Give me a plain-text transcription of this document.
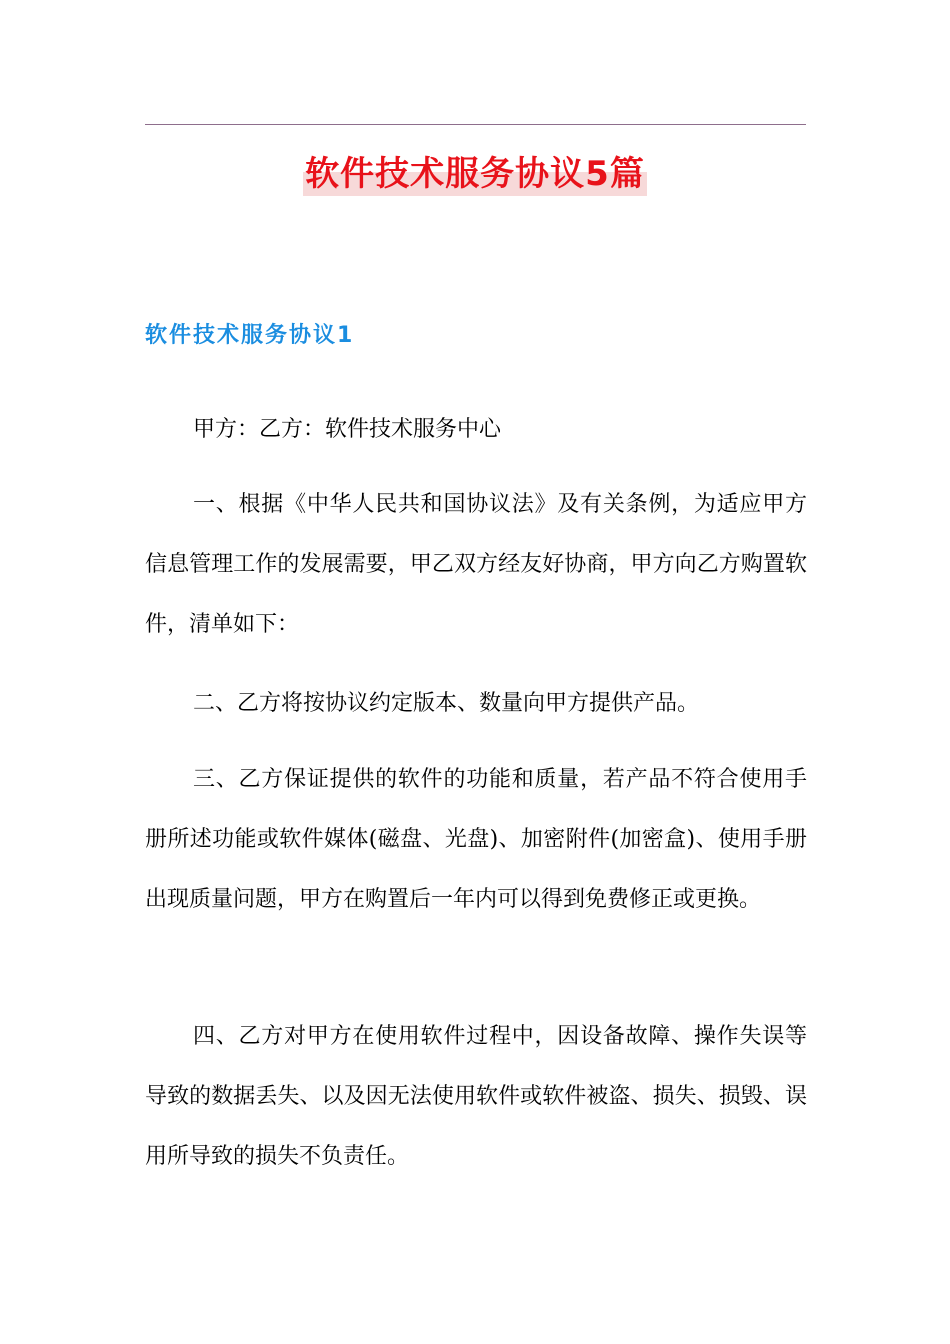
软件技术服务协议5篇
软件技术服务协议1

甲方：乙方：软件技术服务中心

一、根据《中华人民共和国协议法》及有关条例，为适应甲方信息管理工作的发展需要，甲乙双方经友好协商，甲方向乙方购置软件，清单如下：

二、乙方将按协议约定版本、数量向甲方提供产品。

三、乙方保证提供的软件的功能和质量，若产品不符合使用手册所述功能或软件媒体(磁盘、光盘)、加密附件(加密盒)、使用手册出现质量问题，甲方在购置后一年内可以得到免费修正或更换。

四、乙方对甲方在使用软件过程中，因设备故障、操作失误等导致的数据丢失、以及因无法使用软件或软件被盗、损失、损毁、误用所导致的损失不负责任。
